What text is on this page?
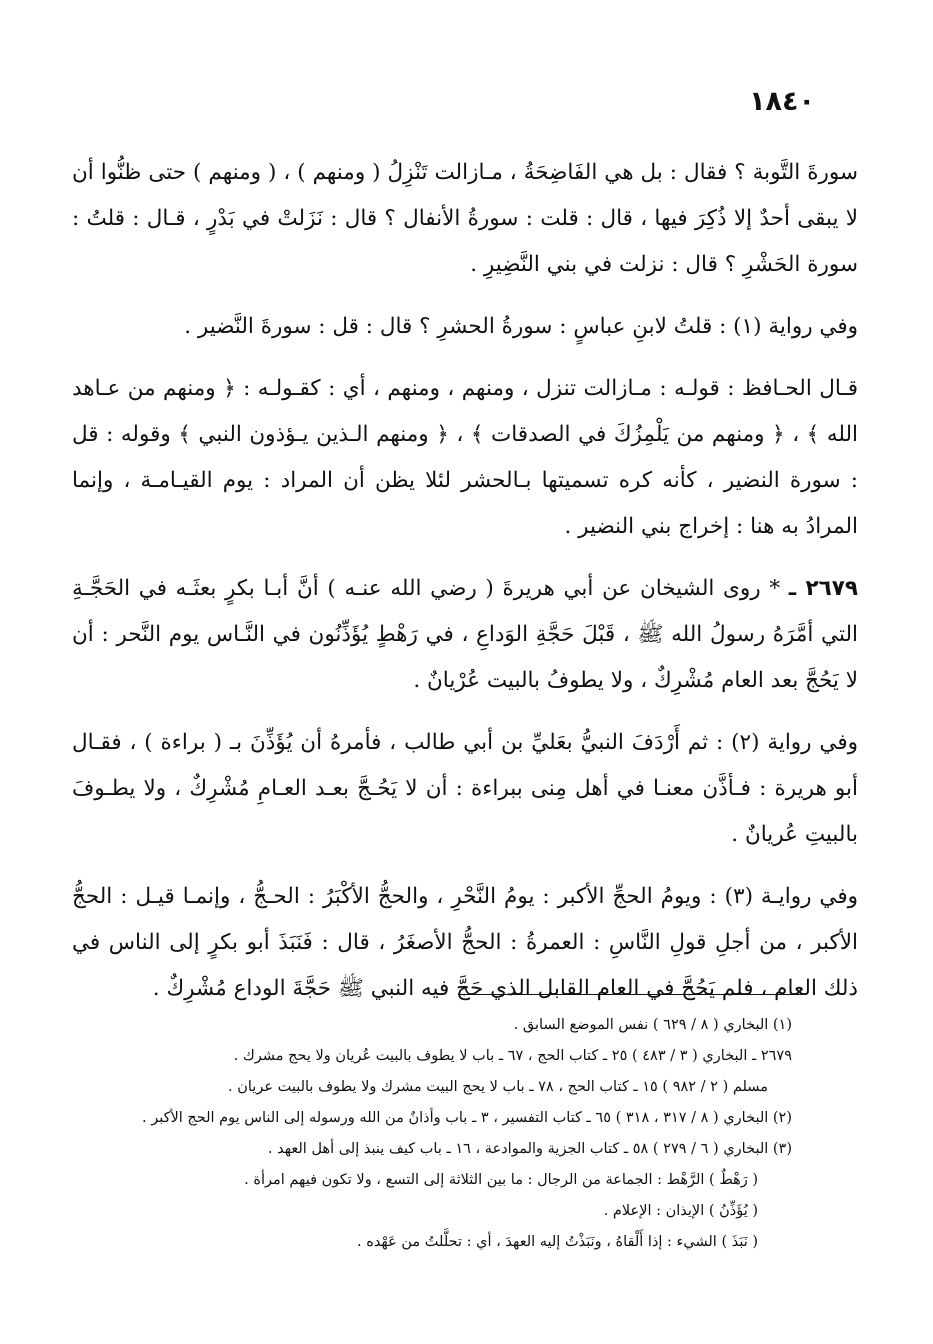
١٨٤٠

سورةَ التَّوبة ؟ فقال : بل هي الفَاضِحَةُ ، مـازالت تَنْزِلُ ( ومنهم ) ، ( ومنهم ) حتى ظنُّوا أن لا يبقى أحدٌ إلا ذُكِرَ فيها ، قال : قلت : سورةُ الأنفال ؟ قال : نَزَلتْ في بَدْرٍ ، قـال : قلتُ : سورة الحَشْرِ ؟ قال : نزلت في بني النَّضِيرِ .

وفي رواية (١) : قلتُ لابنِ عباسٍ : سورةُ الحشرِ ؟ قال : قل : سورةَ النَّضير .

قـال الحـافظ : قولـه : مـازالت تنزل ، ومنهم ، ومنهم ، أي : كقـولـه : ﴿ ومنهم من عـاهد الله ﴾ ، ﴿ ومنهم من يَلْمِزُكَ في الصدقات ﴾ ، ﴿ ومنهم الـذين يـؤذون النبي ﴾ وقوله : قل : سورة النضير ، كأنه كره تسميتها بـالحشر لئلا يظن أن المراد : يوم القيـامـة ، وإنما المرادُ به هنا : إخراج بني النضير .

٢٦٧٩ ـ * روى الشيخان عن أبي هريرةَ ( رضي الله عنـه ) أنَّ أبـا بكرٍ بعثَـه في الحَجَّـةِ التي أمَّرَهُ رسولُ الله ﷺ ، قَبْلَ حَجَّةِ الوَداعِ ، في رَهْطٍ يُؤَذِّنُون في النَّـاس يوم النَّحر : أن لا يَحُجَّ بعد العام مُشْرِكٌ ، ولا يطوفُ بالبيت عُرْيانٌ .

وفي رواية (٢) : ثم أَرْدَفَ النبيُّ بعَليِّ بن أبي طالب ، فأمرهُ أن يُؤَذِّنَ بـ ( براءة ) ، فقـال أبو هريرة : فـأذَّن معنـا في أهل مِنى ببراءة : أن لا يَحُـجَّ بعـد العـامِ مُشْرِكٌ ، ولا يطـوفَ بالبيتِ عُريانٌ .

وفي روايـة (٣) : ويومُ الحجِّ الأكبر : يومُ النَّحْرِ ، والحجُّ الأكْبَرُ : الحـجُّ ، وإنمـا قيـل : الحجُّ الأكبر ، من أجلِ قولِ النَّاسِ : العمرةُ : الحجُّ الأصغَرُ ، قال : فَنَبَذَ أبو بكرٍ إلى الناس في ذلك العام ، فلم يَحُجَّ في العام القابل الذي حَجَّ فيه النبي ﷺ حَجَّةَ الوداع مُشْرِكٌ .

(١) البخاري ( ٨ / ٦٢٩ ) نفس الموضع السابق .
٢٦٧٩ ـ البخاري ( ٣ / ٤٨٣ ) ٢٥ ـ كتاب الحج ، ٦٧ ـ باب لا يطوف بالبيت عُريان ولا يحج مشرك .
مسلم ( ٢ / ٩٨٢ ) ١٥ ـ كتاب الحج ، ٧٨ ـ باب لا يحج البيت مشرك ولا يطوف بالبيت عريان .
(٢) البخاري ( ٨ / ٣١٧ ، ٣١٨ ) ٦٥ ـ كتاب التفسير ، ٣ ـ باب وأذانٌ من الله ورسوله إلى الناس يوم الحج الأكبر .
(٣) البخاري ( ٦ / ٢٧٩ ) ٥٨ ـ كتاب الجزية والموادعة ، ١٦ ـ باب كيف ينبذ إلى أهل العهد .
( رَهْطٌ ) الرَّهْط : الجماعة من الرجال : ما بين الثلاثة إلى التسع ، ولا تكون فيهم امرأة .
( يُؤَذِّنُ ) الإيذان : الإعلام .
( نَبَذَ ) الشيء : إذا أَلْقاهُ ، ونَبَذْتُ إليه العهدَ ، أي : تحلَّلتُ من عَهْده .
